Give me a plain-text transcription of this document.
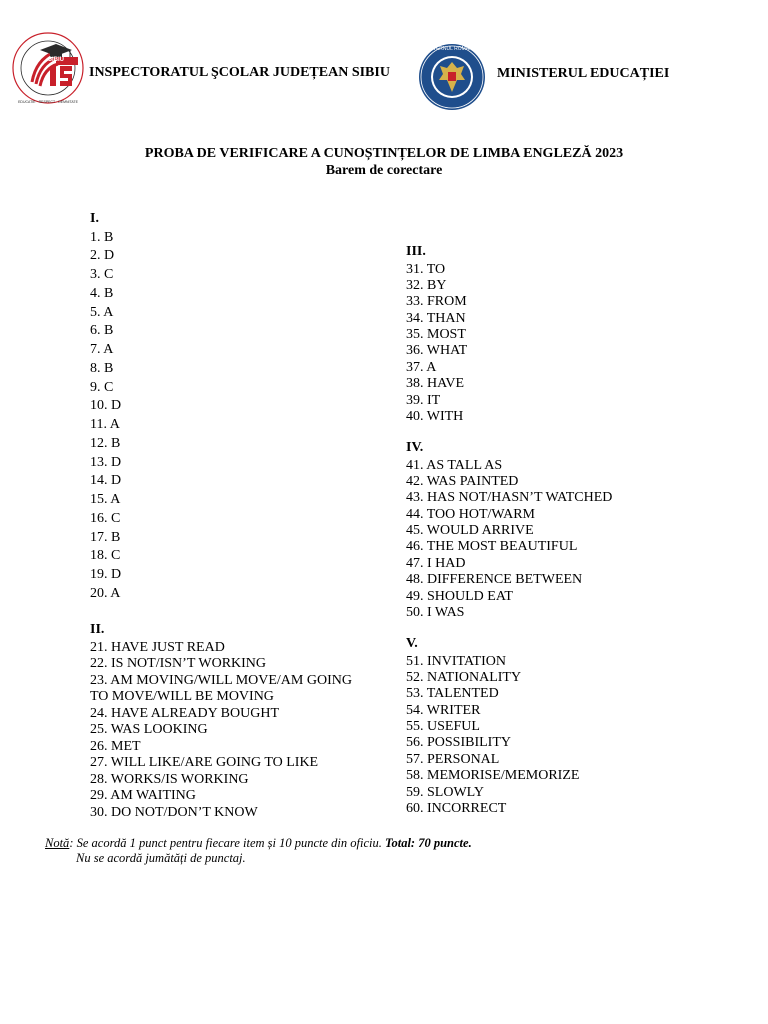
SIBIU
EDUCATIE · RESPECT · DEMNITATE
INSPECTORATUL ŞCOLAR JUDEȚEAN SIBIU
GUVERNUL ROMÂNIEI
MINISTERUL EDUCAȚIEI
PROBA DE VERIFICARE A CUNOȘTINȚELOR DE LIMBA ENGLEZĂ 2023
Barem de corectare
I.
1. B
2. D
3. C
4. B
5. A
6. B
7. A
8. B
9. C
10. D
11. A
12. B
13. D
14. D
15. A
16. C
17. B
18. C
19. D
20. A
II.
21. HAVE JUST READ
22. IS NOT/ISN’T WORKING
23. AM MOVING/WILL MOVE/AM GOING
TO MOVE/WILL BE MOVING
24. HAVE ALREADY BOUGHT
25. WAS LOOKING
26. MET
27. WILL LIKE/ARE GOING TO LIKE
28. WORKS/IS WORKING
29. AM WAITING
30. DO NOT/DON’T KNOW
III.
31. TO
32. BY
33. FROM
34. THAN
35. MOST
36. WHAT
37. A
38. HAVE
39. IT
40. WITH
IV.
41. AS TALL AS
42. WAS PAINTED
43. HAS NOT/HASN’T WATCHED
44. TOO HOT/WARM
45. WOULD ARRIVE
46. THE MOST BEAUTIFUL
47. I HAD
48. DIFFERENCE BETWEEN
49. SHOULD EAT
50. I WAS
V.
51. INVITATION
52. NATIONALITY
53. TALENTED
54. WRITER
55. USEFUL
56. POSSIBILITY
57. PERSONAL
58. MEMORISE/MEMORIZE
59. SLOWLY
60. INCORRECT
Notă: Se acordă 1 punct pentru fiecare item și 10 puncte din oficiu. Total: 70 puncte.
Nu se acordă jumătăți de punctaj.
